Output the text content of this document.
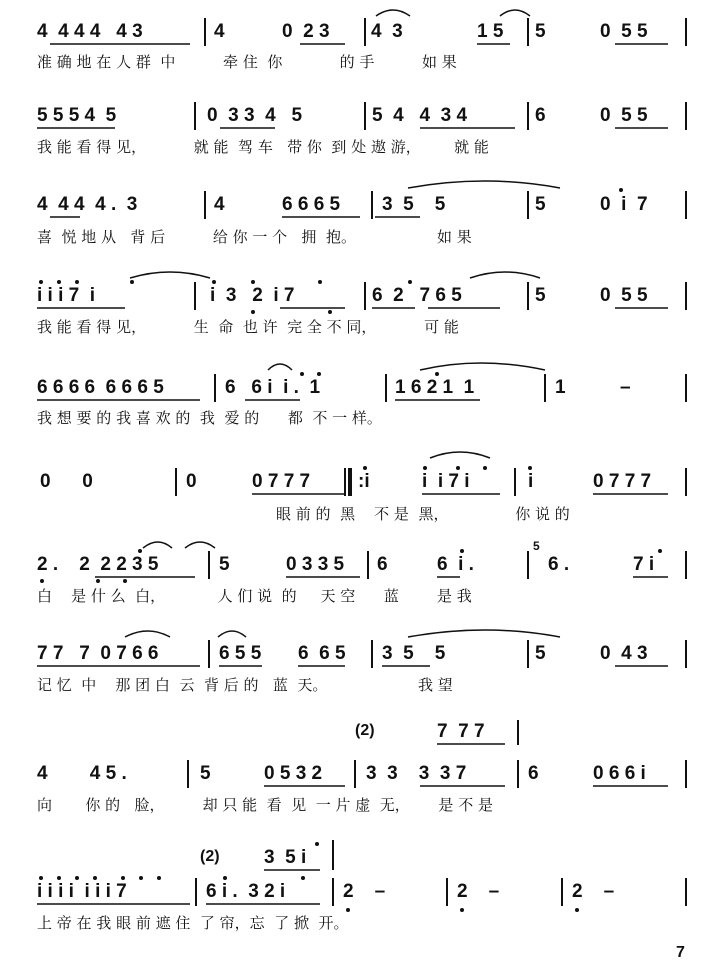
4  4 4 4   4 3	4	0  2 3 4  3	1 5 5	0  5 5
准 确 地 在 人 群  中          牵 住  你            的 手          如 果
5 5 5 4  5	0  3 3  4   5	5  4   4  3 4	6	0  5 5
我 能 看 得 见，          就 能  驾 车   带 你  到 处 遨 游，       就 能
4  4 4  4 .  3	4	6 6 6 5 3  5    5	5	0  i  7
喜  悦 地 从   背 后          给 你 一 个   拥  抱。                 如 果
i i i 7  i	i  3   2  i 7	6  2   7 6 5	5	0  5 5
我 能 看 得 见，          生  命  也 许  完 全 不 同，          可 能
6 6 6 6  6 6 6 5	6   6 i  i .  1	1 6 2 1  1	1	–
我 想 要 的 我 喜 欢 的  我  爱 的      都  不 一 样。
0      0	0	0 7 7 7	:i	i  i 7 i	i	0 7 7 7
眼 前 的  黑    不 是  黑，              你 说 的
2 .    2  2 2 3 5	5	0 3 3 5 6	6  i .	6 .	7 i
5
白    是 什 么  白，           人 们 说  的     天 空      蓝        是 我
7 7   7  0 7 6 6	6 5 5 6  6 5 3  5    5	5	0  4 3
记 忆  中    那 团 白  云  背 后 的   蓝  天。                   我 望
(2)	7  7 7
4        4 5 .	5	0 5 3 2 3  3    3  3 7	6	0 6 6 i
向       你 的   脸，        却 只 能  看  见  一 片 虚  无，      是 不 是
(2) 3  5 i
i i i i  i i i 7	6 i .  3 2 i	2    –	2    –	2    –
上 帝 在 我 眼 前 遮 住  了 帘，忘  了 掀  开。
7
